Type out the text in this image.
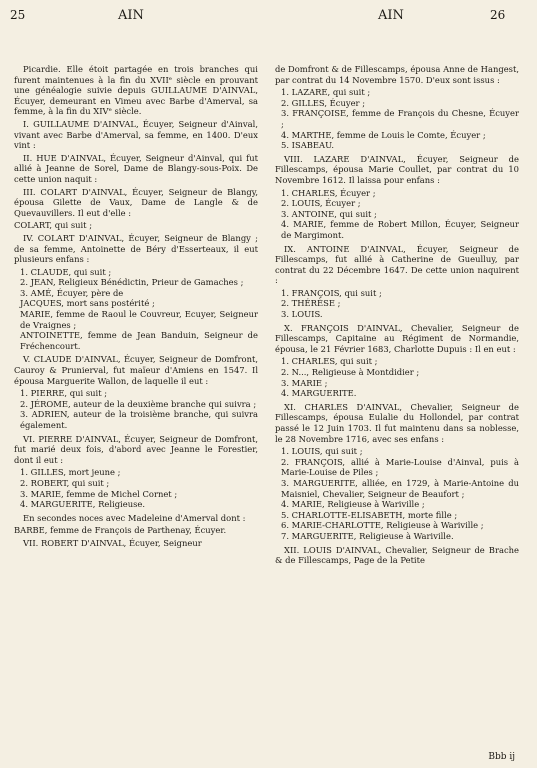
25	AIN	AIN	26

Picardie. Elle étoit partagée en trois branches qui furent maintenues à la fin du XVIIᵉ siècle en prouvant une généalogie suivie depuis GUILLAUME D'AINVAL, Écuyer, demeurant en Vimeu avec Barbe d'Amerval, sa femme, à la fin du XIVᵉ siècle.

I. GUILLAUME D'AINVAL, Écuyer, Seigneur d'Ainval, vivant avec Barbe d'Amerval, sa femme, en 1400. D'eux vint :

II. HUE D'AINVAL, Écuyer, Seigneur d'Ainval, qui fut allié à Jeanne de Sorel, Dame de Blangy-sous-Poix. De cette union naquit :

III. COLART D'AINVAL, Écuyer, Seigneur de Blangy, épousa Gilette de Vaux, Dame de Langle & de Quevauvillers. Il eut d'elle :

COLART, qui suit ;

IV. COLART D'AINVAL, Écuyer, Seigneur de Blangy ; de sa femme, Antoinette de Béry d'Esserteaux, il eut plusieurs enfans :

1. CLAUDE, qui suit ;
2. JEAN, Religieux Bénédictin, Prieur de Gamaches ;
3. AMÉ, Écuyer, père de
JACQUES, mort sans postérité ;
MARIE, femme de Raoul le Couvreur, Ecuyer, Seigneur de Vraignes ;
ANTOINETTE, femme de Jean Banduin, Seigneur de Fréchencourt.

V. CLAUDE D'AINVAL, Écuyer, Seigneur de Domfront, Cauroy & Prunierval, fut maïeur d'Amiens en 1547. Il épousa Marguerite Wallon, de laquelle il eut :

1. PIERRE, qui suit ;
2. JÉROME, auteur de la deuxième branche qui suivra ;
3. ADRIEN, auteur de la troisième branche, qui suivra également.

VI. PIERRE D'AINVAL, Écuyer, Seigneur de Domfront, fut marié deux fois, d'abord avec Jeanne le Forestier, dont il eut :

1. GILLES, mort jeune ;
2. ROBERT, qui suit ;
3. MARIE, femme de Michel Cornet ;
4. MARGUERITE, Religieuse.

En secondes noces avec Madeleine d'Amerval dont :

BARBE, femme de François de Parthenay, Écuyer.

VII. ROBERT D'AINVAL, Écuyer, Seigneur

de Domfront & de Fillescamps, épousa Anne de Hangest, par contrat du 14 Novembre 1570. D'eux sont issus :

1. LAZARE, qui suit ;
2. GILLES, Écuyer ;
3. FRANÇOISE, femme de François du Chesne, Écuyer ;
4. MARTHE, femme de Louis le Comte, Écuyer ;
5. ISABEAU.

VIII. LAZARE D'AINVAL, Écuyer, Seigneur de Fillescamps, épousa Marie Coullet, par contrat du 10 Novembre 1612. Il laissa pour enfans :

1. CHARLES, Écuyer ;
2. LOUIS, Écuyer ;
3. ANTOINE, qui suit ;
4. MARIE, femme de Robert Millon, Écuyer, Seigneur de Margimont.

IX. ANTOINE D'AINVAL, Écuyer, Seigneur de Fillescamps, fut allié à Catherine de Gueulluy, par contrat du 22 Décembre 1647. De cette union naquirent :

1. FRANÇOIS, qui suit ;
2. THÉRÈSE ;
3. LOUIS.

X. FRANÇOIS D'AINVAL, Chevalier, Seigneur de Fillescamps, Capitaine au Régiment de Normandie, épousa, le 21 Février 1683, Charlotte Dupuis : Il en eut :

1. CHARLES, qui suit ;
2. N..., Religieuse à Montdidier ;
3. MARIE ;
4. MARGUERITE.

XI. CHARLES D'AINVAL, Chevalier, Seigneur de Fillescamps, épousa Eulalie du Hollondel, par contrat passé le 12 Juin 1703. Il fut maintenu dans sa noblesse, le 28 Novembre 1716, avec ses enfans :

1. LOUIS, qui suit ;
2. FRANÇOIS, allié à Marie-Louise d'Ainval, puis à Marie-Louise de Piles ;
3. MARGUERITE, alliée, en 1729, à Marie-Antoine du Maisniel, Chevalier, Seigneur de Beaufort ;
4. MARIE, Religieuse à Wariville ;
5. CHARLOTTE-ELISABETH, morte fille ;
6. MARIE-CHARLOTTE, Religieuse à Wariville ;
7. MARGUERITE, Religieuse à Wariville.

XII. LOUIS D'AINVAL, Chevalier, Seigneur de Brache & de Fillescamps, Page de la Petite

Bbb ij
